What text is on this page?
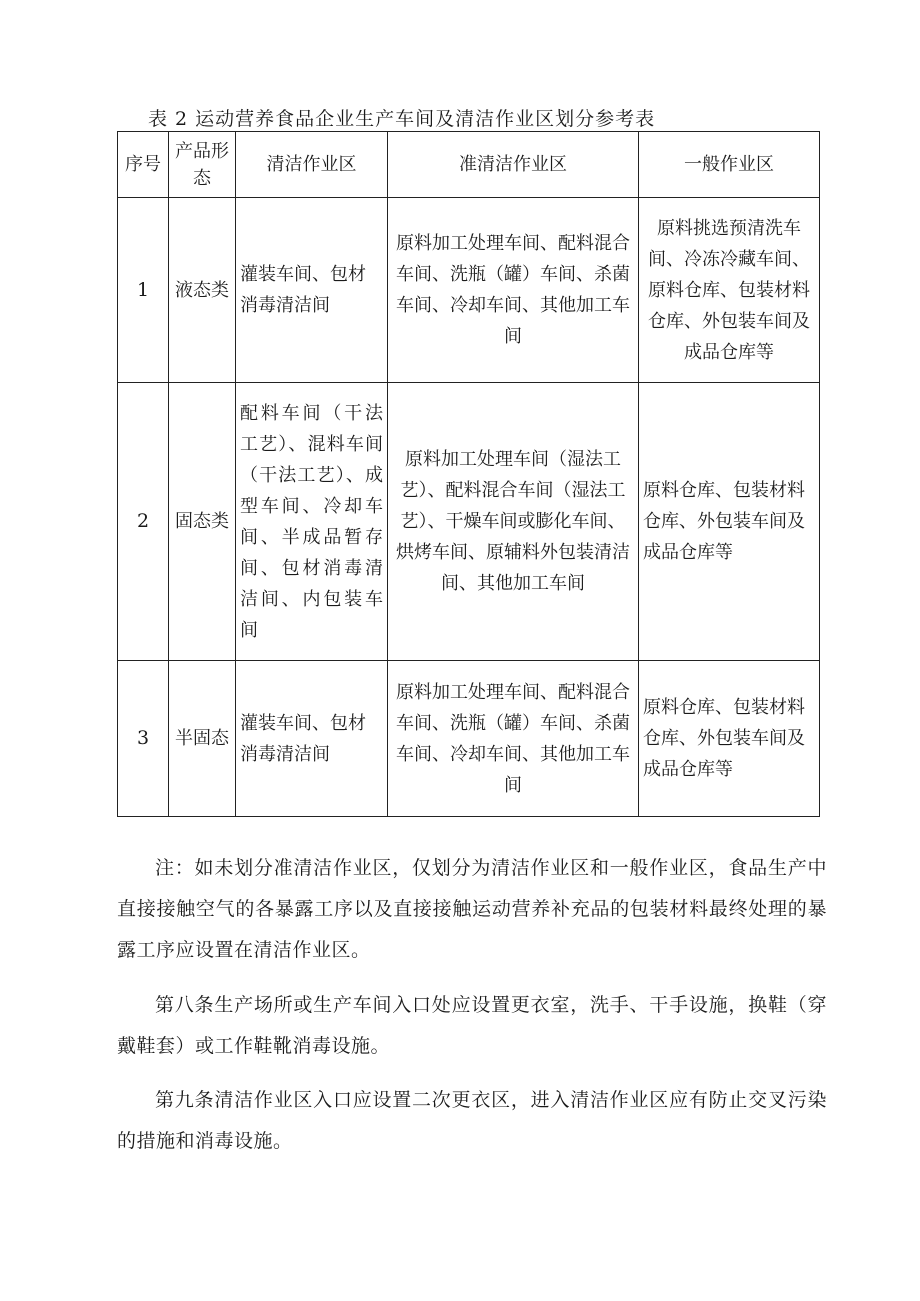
表 2 运动营养食品企业生产车间及清洁作业区划分参考表
序号	产品形态	清洁作业区	准清洁作业区	一般作业区
1	液态类	灌装车间、包材消毒清洁间	原料加工处理车间、配料混合车间、洗瓶（罐）车间、杀菌车间、冷却车间、其他加工车间	原料挑选预清洗车间、冷冻冷藏车间、原料仓库、包装材料仓库、外包装车间及成品仓库等
2	固态类	配料车间（干法工艺）、混料车间（干法工艺）、成型车间、冷却车间、半成品暂存间、包材消毒清洁间、内包装车间	原料加工处理车间（湿法工艺）、配料混合车间（湿法工艺）、干燥车间或膨化车间、烘烤车间、原辅料外包装清洁间、其他加工车间	原料仓库、包装材料仓库、外包装车间及成品仓库等
3	半固态	灌装车间、包材消毒清洁间	原料加工处理车间、配料混合车间、洗瓶（罐）车间、杀菌车间、冷却车间、其他加工车间	原料仓库、包装材料仓库、外包装车间及成品仓库等

注：如未划分准清洁作业区，仅划分为清洁作业区和一般作业区，食品生产中直接接触空气的各暴露工序以及直接接触运动营养补充品的包装材料最终处理的暴露工序应设置在清洁作业区。

第八条生产场所或生产车间入口处应设置更衣室，洗手、干手设施，换鞋（穿戴鞋套）或工作鞋靴消毒设施。

第九条清洁作业区入口应设置二次更衣区，进入清洁作业区应有防止交叉污染的措施和消毒设施。
